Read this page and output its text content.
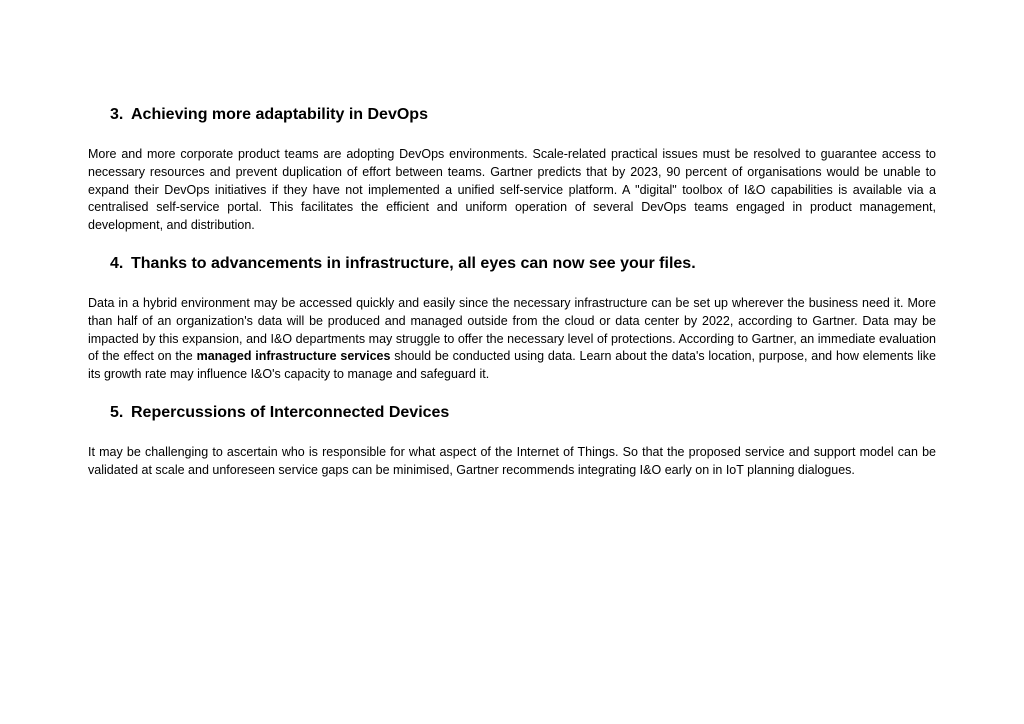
3. Achieving more adaptability in DevOps

More and more corporate product teams are adopting DevOps environments. Scale-related practical issues must be resolved to guarantee access to necessary resources and prevent duplication of effort between teams. Gartner predicts that by 2023, 90 percent of organisations would be unable to expand their DevOps initiatives if they have not implemented a unified self-service platform. A "digital" toolbox of I&O capabilities is available via a centralised self-service portal. This facilitates the efficient and uniform operation of several DevOps teams engaged in product management, development, and distribution.

4. Thanks to advancements in infrastructure, all eyes can now see your files.

Data in a hybrid environment may be accessed quickly and easily since the necessary infrastructure can be set up wherever the business need it. More than half of an organization's data will be produced and managed outside from the cloud or data center by 2022, according to Gartner. Data may be impacted by this expansion, and I&O departments may struggle to offer the necessary level of protections. According to Gartner, an immediate evaluation of the effect on the managed infrastructure services should be conducted using data. Learn about the data's location, purpose, and how elements like its growth rate may influence I&O's capacity to manage and safeguard it.

5. Repercussions of Interconnected Devices

It may be challenging to ascertain who is responsible for what aspect of the Internet of Things. So that the proposed service and support model can be validated at scale and unforeseen service gaps can be minimised, Gartner recommends integrating I&O early on in IoT planning dialogues.
